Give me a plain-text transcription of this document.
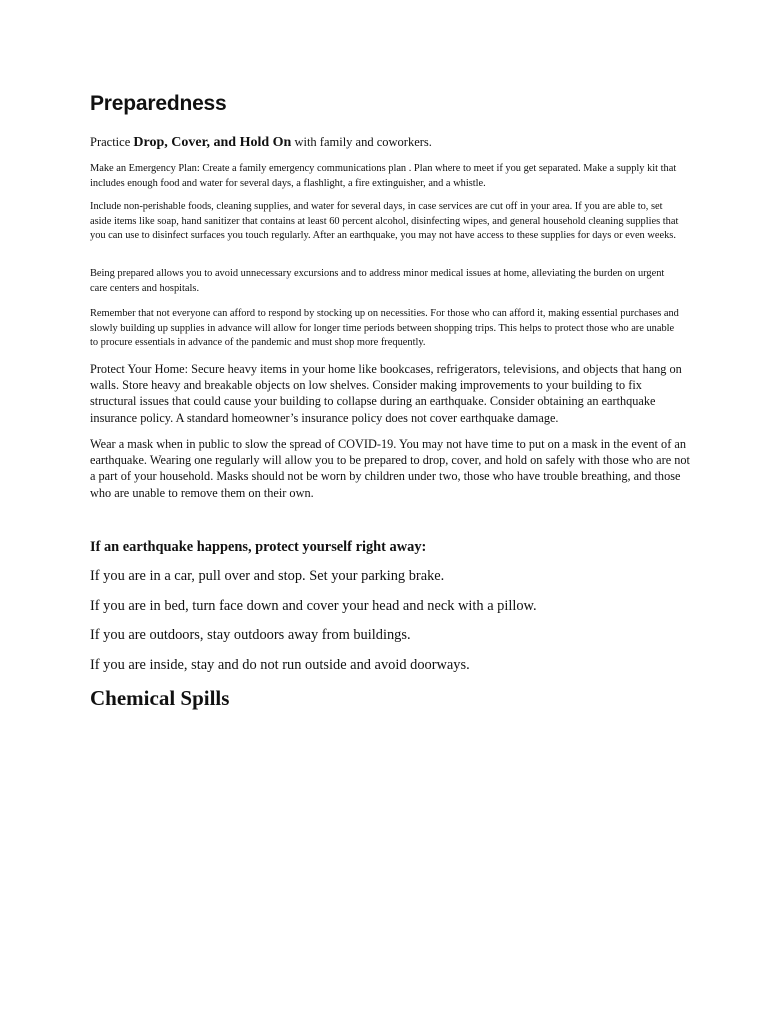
Preparedness

Practice Drop, Cover, and Hold On with family and coworkers.

Make an Emergency Plan: Create a family emergency communications plan . Plan where to meet if you get separated. Make a supply kit that includes enough food and water for several days, a flashlight, a fire extinguisher, and a whistle.

Include non-perishable foods, cleaning supplies, and water for several days, in case services are cut off in your area. If you are able to, set aside items like soap, hand sanitizer that contains at least 60 percent alcohol, disinfecting wipes, and general household cleaning supplies that you can use to disinfect surfaces you touch regularly. After an earthquake, you may not have access to these supplies for days or even weeks.

Being prepared allows you to avoid unnecessary excursions and to address minor medical issues at home, alleviating the burden on urgent care centers and hospitals.

Remember that not everyone can afford to respond by stocking up on necessities. For those who can afford it, making essential purchases and slowly building up supplies in advance will allow for longer time periods between shopping trips. This helps to protect those who are unable to procure essentials in advance of the pandemic and must shop more frequently.

Protect Your Home: Secure heavy items in your home like bookcases, refrigerators, televisions, and objects that hang on walls. Store heavy and breakable objects on low shelves. Consider making improvements to your building to fix structural issues that could cause your building to collapse during an earthquake. Consider obtaining an earthquake insurance policy. A standard homeowner’s insurance policy does not cover earthquake damage.

Wear a mask when in public to slow the spread of COVID-19. You may not have time to put on a mask in the event of an earthquake. Wearing one regularly will allow you to be prepared to drop, cover, and hold on safely with those who are not a part of your household. Masks should not be worn by children under two, those who have trouble breathing, and those who are unable to remove them on their own.

If an earthquake happens, protect yourself right away:

If you are in a car, pull over and stop. Set your parking brake.

If you are in bed, turn face down and cover your head and neck with a pillow.

If you are outdoors, stay outdoors away from buildings.

If you are inside, stay and do not run outside and avoid doorways.

Chemical Spills
